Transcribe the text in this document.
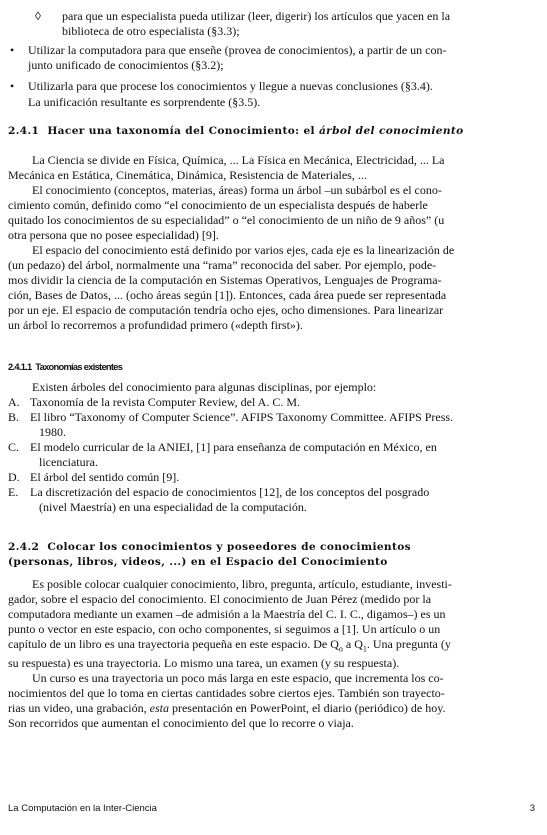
◊ para que un especialista pueda utilizar (leer, digerir) los artículos que yacen en la
biblioteca de otro especialista (§3.3);
• Utilizar la computadora para que enseñe (provea de conocimientos), a partir de un con-
junto unificado de conocimientos (§3.2);
• Utilizarla para que procese los conocimientos y llegue a nuevas conclusiones (§3.4).
La unificación resultante es sorprendente (§3.5).
2.4.1 Hacer una taxonomía del Conocimiento: el árbol del conocimiento
La Ciencia se divide en Física, Química, ... La Física en Mecánica, Electricidad, ... La
Mecánica en Estática, Cinemática, Dinámica, Resistencia de Materiales, ...
El conocimiento (conceptos, materias, áreas) forma un árbol –un subárbol es el cono-
cimiento común, definido como “el conocimiento de un especialista después de haberle
quitado los conocimientos de su especialidad” o “el conocimiento de un niño de 9 años” (u
otra persona que no posee especialidad) [9].
El espacio del conocimiento está definido por varios ejes, cada eje es la linearización de
(un pedazo) del árbol, normalmente una “rama” reconocida del saber. Por ejemplo, pode-
mos dividir la ciencia de la computación en Sistemas Operativos, Lenguajes de Programa-
ción, Bases de Datos, ... (ocho áreas según [1]). Entonces, cada área puede ser representada
por un eje. El espacio de computación tendría ocho ejes, ocho dimensiones. Para linearizar
un árbol lo recorremos a profundidad primero («depth first»).
2.4.1.1 Taxonomías existentes
Existen árboles del conocimiento para algunas disciplinas, por ejemplo:
A. Taxonomía de la revista Computer Review, del A. C. M.
B. El libro “Taxonomy of Computer Science”. AFIPS Taxonomy Committee. AFIPS Press.
1980.
C. El modelo curricular de la ANIEI, [1] para enseñanza de computación en México, en
licenciatura.
D. El árbol del sentido común [9].
E. La discretización del espacio de conocimientos [12], de los conceptos del posgrado
(nivel Maestría) en una especialidad de la computación.
2.4.2 Colocar los conocimientos y poseedores de conocimientos
(personas, libros, videos, ...) en el Espacio del Conocimiento
Es posible colocar cualquier conocimiento, libro, pregunta, artículo, estudiante, investi-
gador, sobre el espacio del conocimiento. El conocimiento de Juan Pérez (medido por la
computadora mediante un examen –de admisión a la Maestría del C. I. C., digamos–) es un
punto o vector en este espacio, con ocho componentes, si seguimos a [1]. Un artículo o un
capítulo de un libro es una trayectoria pequeña en este espacio. De $Q_o$ a $Q_1$. Una pregunta (y
su respuesta) es una trayectoria. Lo mismo una tarea, un examen (y su respuesta).
Un curso es una trayectoria un poco más larga en este espacio, que incrementa los co-
nocimientos del que lo toma en ciertas cantidades sobre ciertos ejes. También son trayecto-
rias un video, una grabación, esta presentación en PowerPoint, el diario (periódico) de hoy.
Son recorridos que aumentan el conocimiento del que lo recorre o viaja.
La Computación en la Inter-Ciencia	3
